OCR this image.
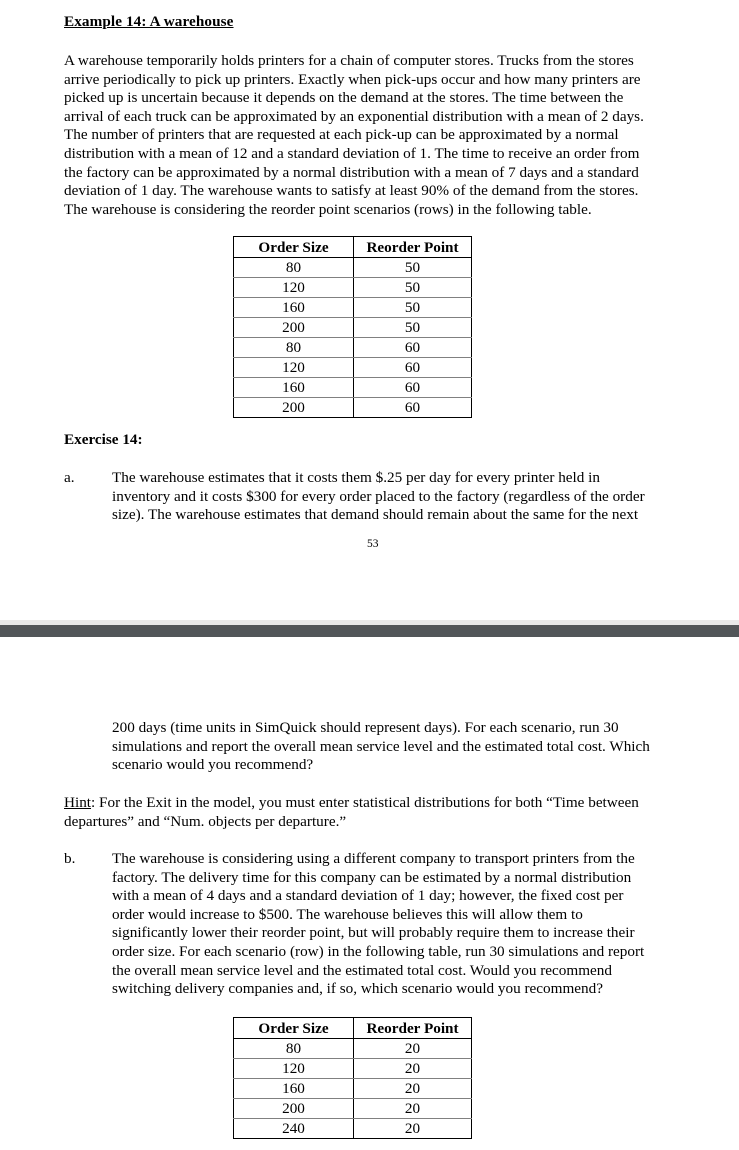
Example 14: A warehouse
A warehouse temporarily holds printers for a chain of computer stores. Trucks from the stores
arrive periodically to pick up printers. Exactly when pick-ups occur and how many printers are
picked up is uncertain because it depends on the demand at the stores. The time between the
arrival of each truck can be approximated by an exponential distribution with a mean of 2 days.
The number of printers that are requested at each pick-up can be approximated by a normal
distribution with a mean of 12 and a standard deviation of 1. The time to receive an order from
the factory can be approximated by a normal distribution with a mean of 7 days and a standard
deviation of 1 day. The warehouse wants to satisfy at least 90% of the demand from the stores.
The warehouse is considering the reorder point scenarios (rows) in the following table.
Order Size	Reorder Point
80	50
120	50
160	50
200	50
80	60
120	60
160	60
200	60
Exercise 14:
a. The warehouse estimates that it costs them $.25 per day for every printer held in
inventory and it costs $300 for every order placed to the factory (regardless of the order
size). The warehouse estimates that demand should remain about the same for the next
53
200 days (time units in SimQuick should represent days). For each scenario, run 30
simulations and report the overall mean service level and the estimated total cost. Which
scenario would you recommend?
Hint: For the Exit in the model, you must enter statistical distributions for both “Time between
departures” and “Num. objects per departure.”
b. The warehouse is considering using a different company to transport printers from the
factory. The delivery time for this company can be estimated by a normal distribution
with a mean of 4 days and a standard deviation of 1 day; however, the fixed cost per
order would increase to $500. The warehouse believes this will allow them to
significantly lower their reorder point, but will probably require them to increase their
order size. For each scenario (row) in the following table, run 30 simulations and report
the overall mean service level and the estimated total cost. Would you recommend
switching delivery companies and, if so, which scenario would you recommend?
Order Size	Reorder Point
80	20
120	20
160	20
200	20
240	20
